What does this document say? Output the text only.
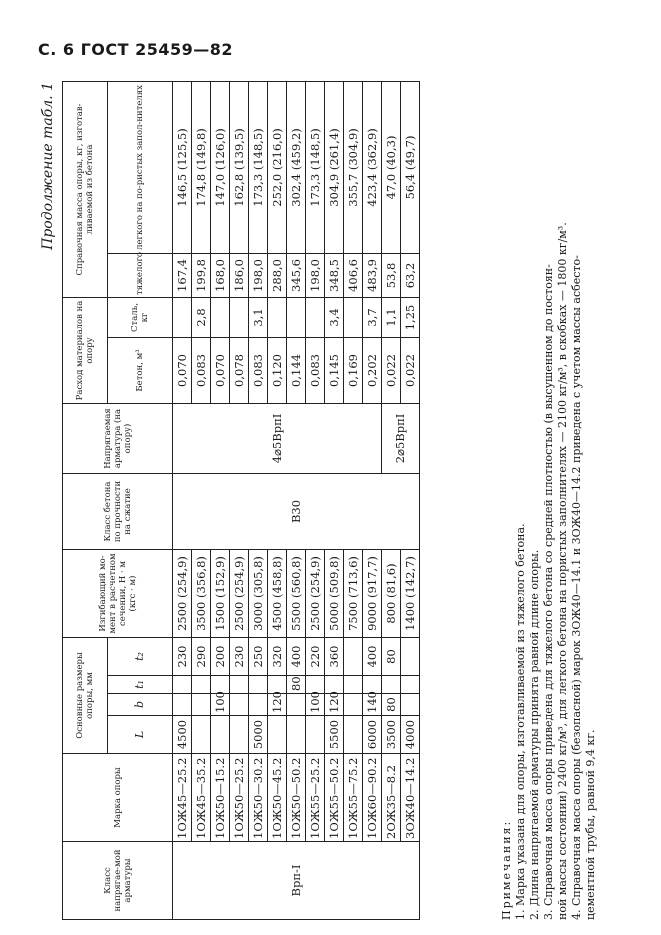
С. 6 ГОСТ 25459—82
Продолжение табл. 1
Класс напрягае-мой арматуры	Марка опоры	Основные размеры опоры, мм				Изгибающий мо-мент в расчетном сечении, Н · м (кгс · м)	Класс бетона по прочности на сжатие	Напрягаемая арматура (на опору)	Расход материалов на опору		Справочная масса опоры, кг, изготав-ливаемой из бетона	
		L	b	t₁	t₂				Бетон, м³	Сталь, кг	тяжелого	легкого на по-ристых запол-нителях
Врп-I	1ОЖ45—25.2	4500			230	2500 (254,9)	В30	4⌀5ВрпI	0,070		167,4	146,5 (125,5)
	1ОЖ45—35.2				290	3500 (356,8)			0,083	2,8	199,8	174,8 (149,8)
	1ОЖ50—15.2		100		200	1500 (152,9)			0,070		168,0	147,0 (126,0)
	1ОЖ50—25.2				230	2500 (254,9)			0,078		186,0	162,8 (139,5)
	1ОЖ50—30.2	5000			250	3000 (305,8)			0,083	3,1	198,0	173,3 (148,5)
	1ОЖ50—45.2		120		320	4500 (458,8)			0,120		288,0	252,0 (216,0)
	1ОЖ50—50.2			80	400	5500 (560,8)			0,144		345,6	302,4 (459,2)
	1ОЖ55—25.2		100		220	2500 (254,9)			0,083		198,0	173,3 (148,5)
	1ОЖ55—50.2	5500	120		360	5000 (509,8)			0,145	3,4	348,5	304,9 (261,4)
	1ОЖ55—75.2					7500 (713,6)			0,169		406,6	355,7 (304,9)
	1ОЖ60—90.2	6000	140		400	9000 (917,7)			0,202	3,7	483,9	423,4 (362,9)
	2ОЖ35—8.2	3500	80		80	800 (81,6)		2⌀5ВрпI	0,022	1,1	53,8	47,0 (40,3)
	3ОЖ40—14.2	4000				1400 (142,7)			0,022	1,25	63,2	56,4 (49,7)
Примечания: 1. Марка указана для опоры, изготавливаемой из тяжелого бетона. 2. Длина напрягаемой арматуры принята равной длине опоры. 3. Справочная масса опоры приведена для тяжелого бетона со средней плотностью (в высушенном до постоян- ной массы состоянии) 2400 кг/м³, для легкого бетона на пористых заполнителях — 2100 кг/м³, в скобках — 1800 кг/м³. 4. Справочная масса опоры (безопасной) марок 3ОЖ40—14.1 и 3ОЖ40—14.2 приведена с учетом массы асбесто- цементной трубы, равной 9,4 кг.
